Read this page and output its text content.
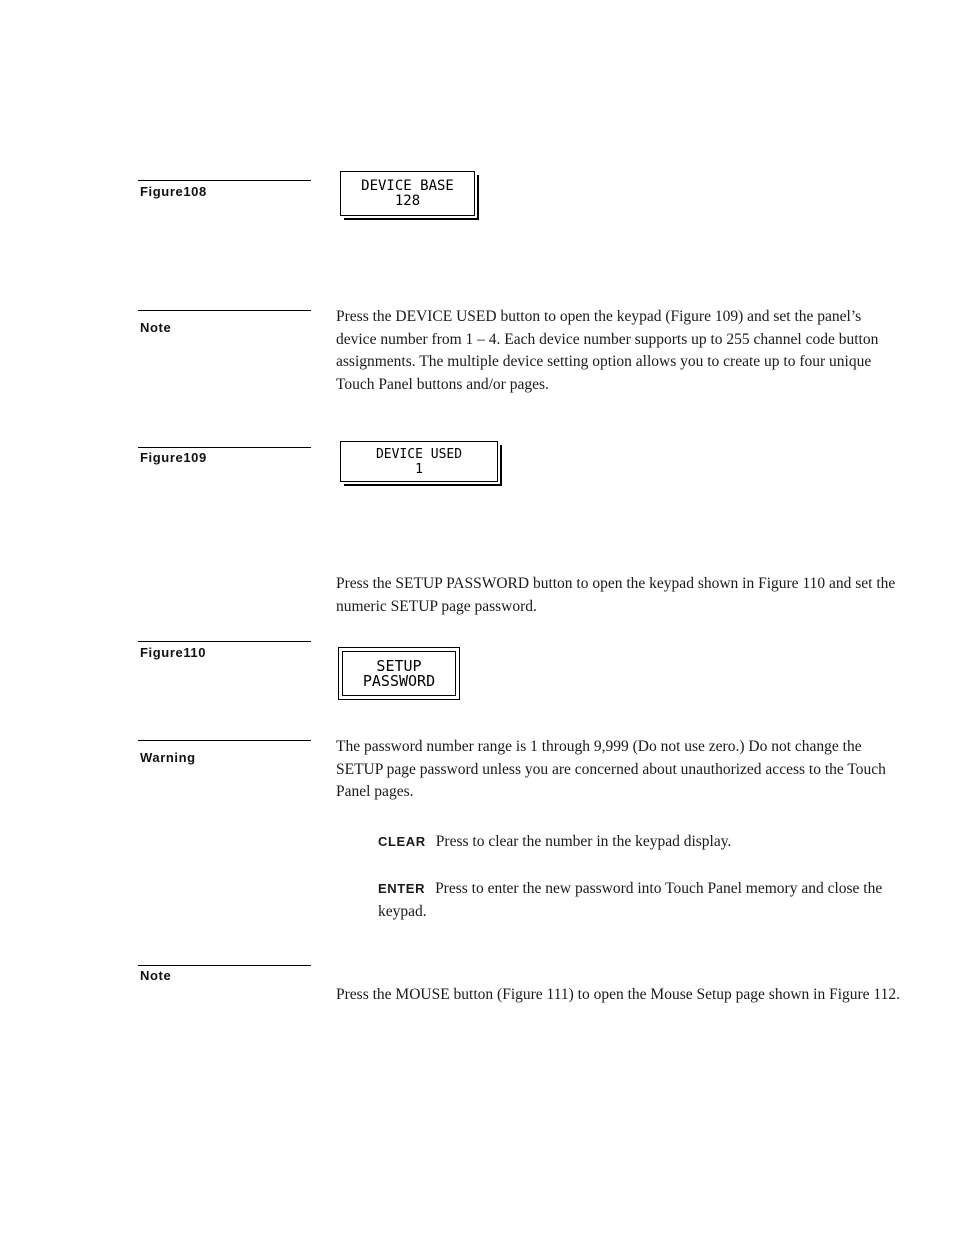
Figure108	DEVICE BASE
128
Note

Press the DEVICE USED button to open the keypad (Figure 109) and set the panel’s device number from 1 – 4. Each device number supports up to 255 channel code button assignments. The multiple device setting option allows you to create up to four unique Touch Panel buttons and/or pages.

Figure109	DEVICE USED
1

Press the SETUP PASSWORD button to open the keypad shown in Figure 110 and set the numeric SETUP page password.

Figure110
SETUP
PASSWORD
Warning

The password number range is 1 through 9,999 (Do not use zero.) Do not change the SETUP page password unless you are concerned about unauthorized access to the Touch Panel pages.

CLEAR Press to clear the number in the keypad display.

ENTER Press to enter the new password into Touch Panel memory and close the keypad.

Note

Press the MOUSE button (Figure 111) to open the Mouse Setup page shown in Figure 112.
